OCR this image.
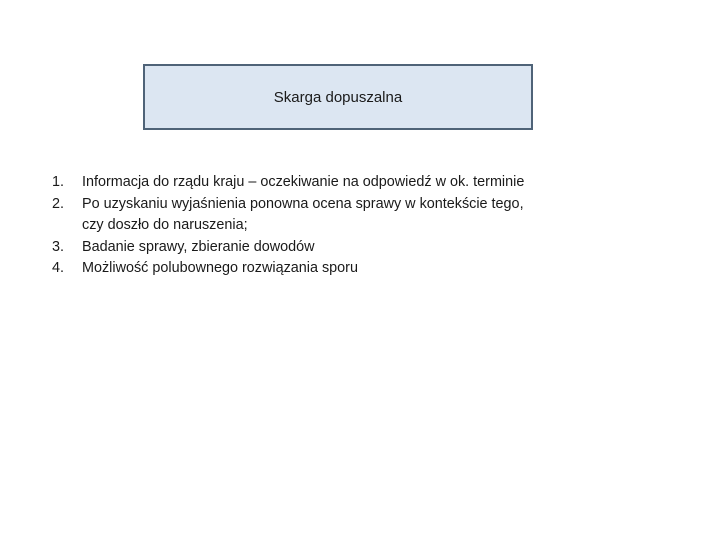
Skarga dopuszalna
1.	Informacja do rządu kraju – oczekiwanie na odpowiedź w ok. terminie
2.	Po uzyskaniu wyjaśnienia ponowna ocena sprawy w kontekście tego,
czy doszło do naruszenia;
3.	Badanie sprawy, zbieranie dowodów
4.	Możliwość polubownego rozwiązania sporu
